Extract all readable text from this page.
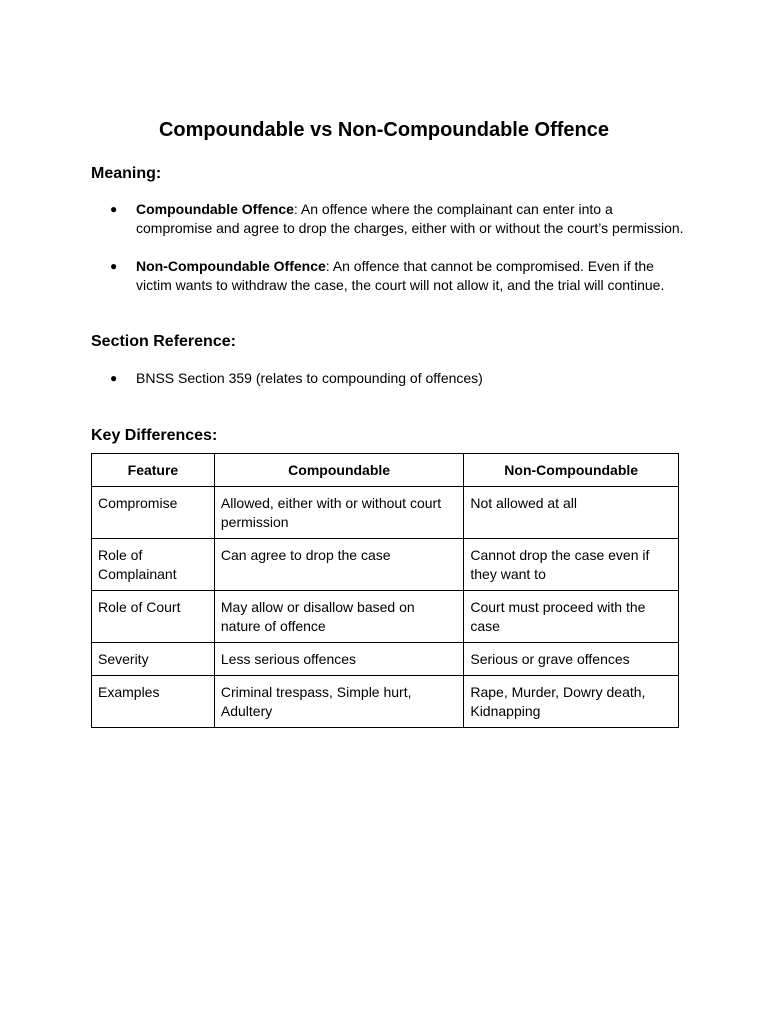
Compoundable vs Non-Compoundable Offence
Meaning:
●	Compoundable Offence: An offence where the complainant can enter into a compromise and agree to drop the charges, either with or without the court’s permission.
●	Non-Compoundable Offence: An offence that cannot be compromised. Even if the victim wants to withdraw the case, the court will not allow it, and the trial will continue.
Section Reference:
●	BNSS Section 359 (relates to compounding of offences)
Key Differences:
Feature	Compoundable	Non-Compoundable
Compromise	Allowed, either with or without court permission	Not allowed at all
Role of Complainant	Can agree to drop the case	Cannot drop the case even if they want to
Role of Court	May allow or disallow based on nature of offence	Court must proceed with the case
Severity	Less serious offences	Serious or grave offences
Examples	Criminal trespass, Simple hurt, Adultery	Rape, Murder, Dowry death, Kidnapping
